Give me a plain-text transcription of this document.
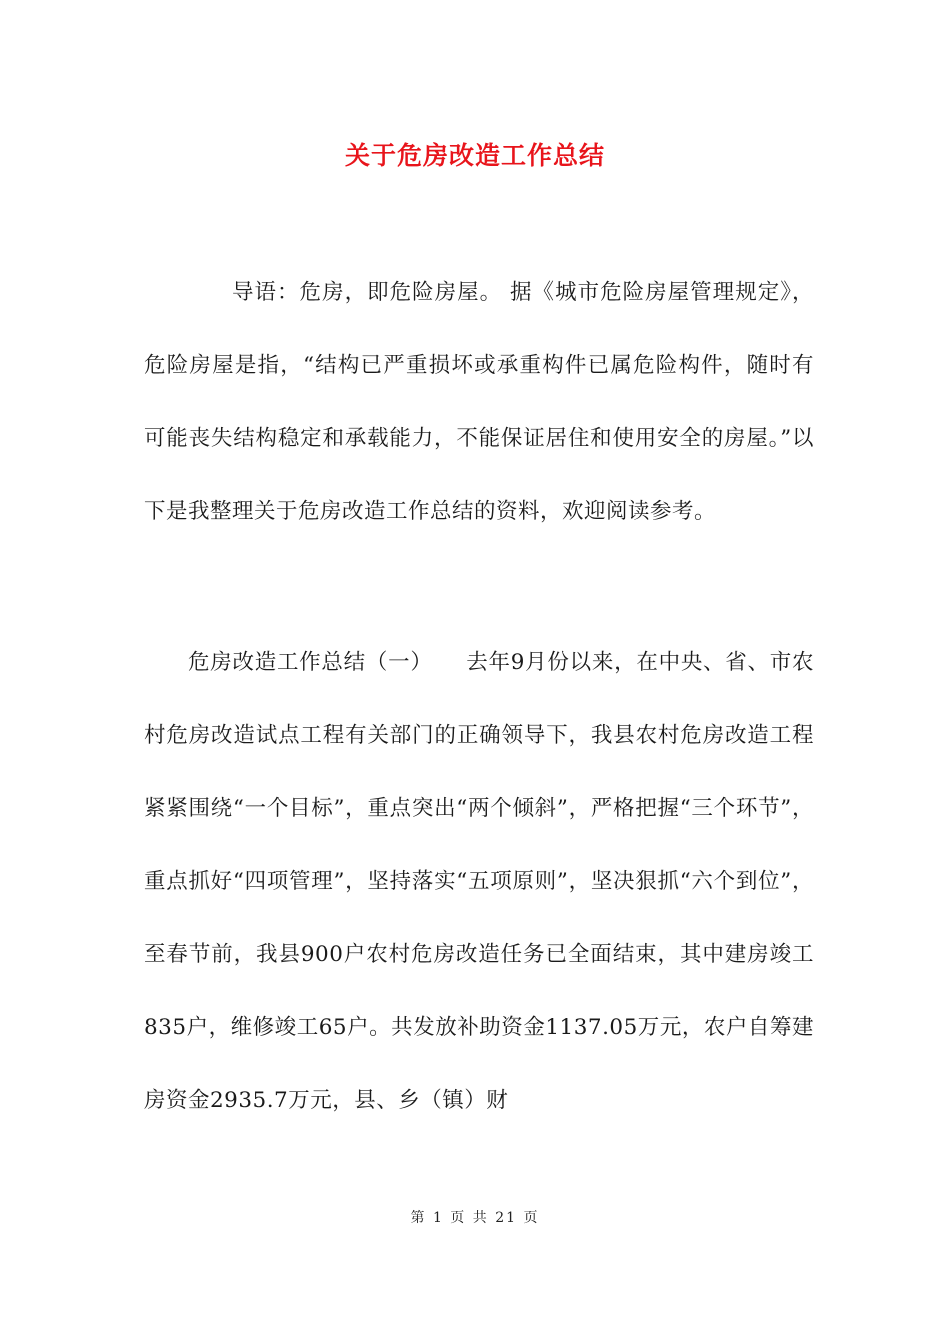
关于危房改造工作总结

导语：危房，即危险房屋。 据《城市危险房屋管理规定》，危险房屋是指，“结构已严重损坏或承重构件已属危险构件，随时有可能丧失结构稳定和承载能力，不能保证居住和使用安全的房屋。”以下是我整理关于危房改造工作总结的资料，欢迎阅读参考。

危房改造工作总结（一）　　去年9月份以来，在中央、省、市农村危房改造试点工程有关部门的正确领导下，我县农村危房改造工程紧紧围绕“一个目标”，重点突出“两个倾斜”，严格把握“三个环节”，重点抓好“四项管理”，坚持落实“五项原则”，坚决狠抓“六个到位”，至春节前，我县900户农村危房改造任务已全面结束，其中建房竣工835户，维修竣工65户。共发放补助资金1137.05万元，农户自筹建房资金2935.7万元，县、乡（镇）财

第 1 页 共 21 页
